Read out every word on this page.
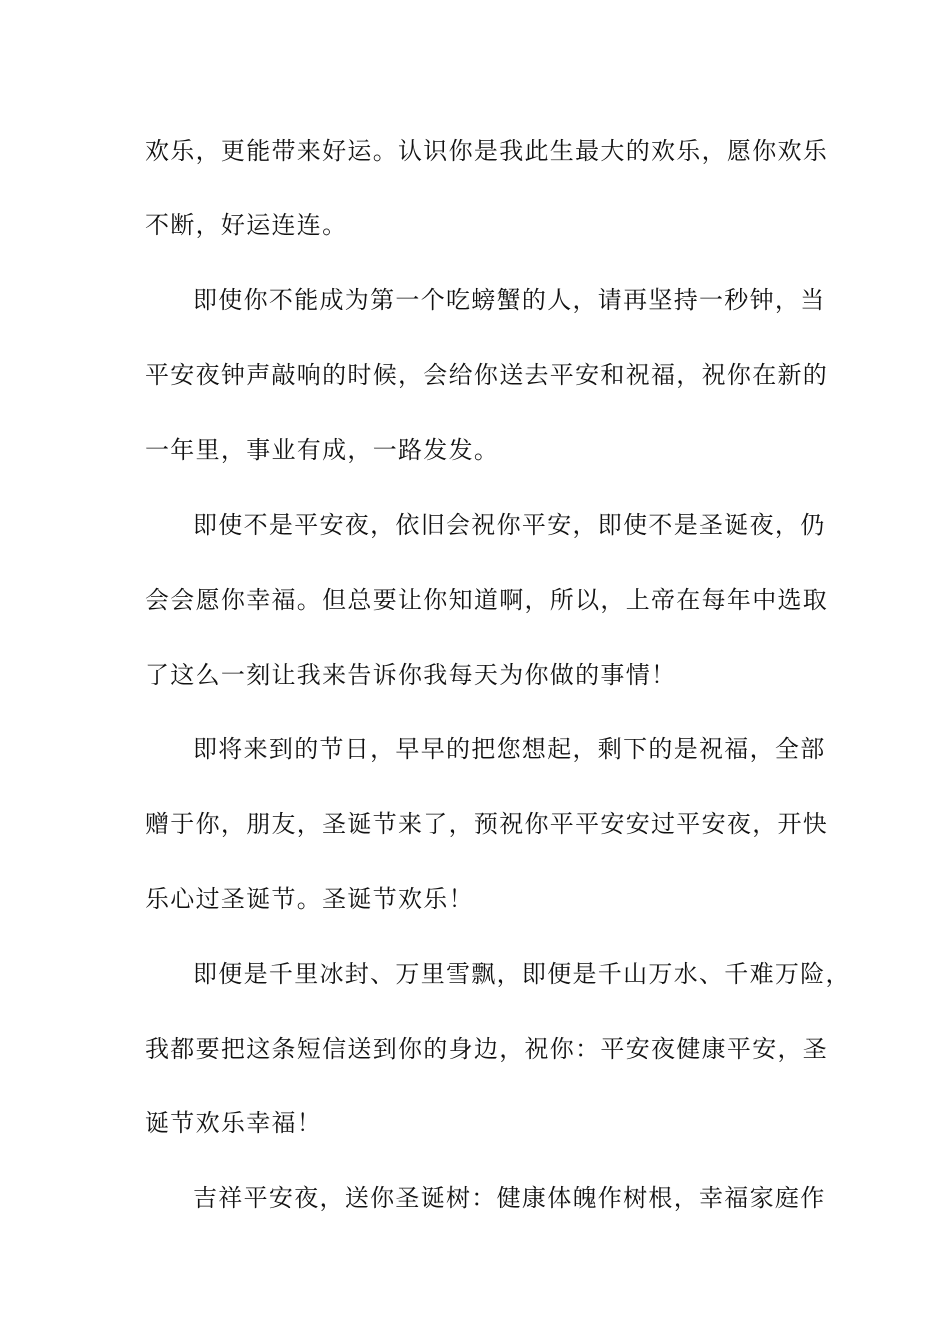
欢乐，更能带来好运。认识你是我此生最大的欢乐，愿你欢乐
不断，好运连连。
即使你不能成为第一个吃螃蟹的人，请再坚持一秒钟，当
平安夜钟声敲响的时候，会给你送去平安和祝福，祝你在新的
一年里，事业有成，一路发发。
即使不是平安夜，依旧会祝你平安，即使不是圣诞夜，仍
会会愿你幸福。但总要让你知道啊，所以，上帝在每年中选取
了这么一刻让我来告诉你我每天为你做的事情！
即将来到的节日，早早的把您想起，剩下的是祝福，全部
赠于你，朋友，圣诞节来了，预祝你平平安安过平安夜，开快
乐心过圣诞节。圣诞节欢乐！
即便是千里冰封、万里雪飘，即便是千山万水、千难万险，
我都要把这条短信送到你的身边，祝你：平安夜健康平安，圣
诞节欢乐幸福！
吉祥平安夜，送你圣诞树：健康体魄作树根，幸福家庭作
